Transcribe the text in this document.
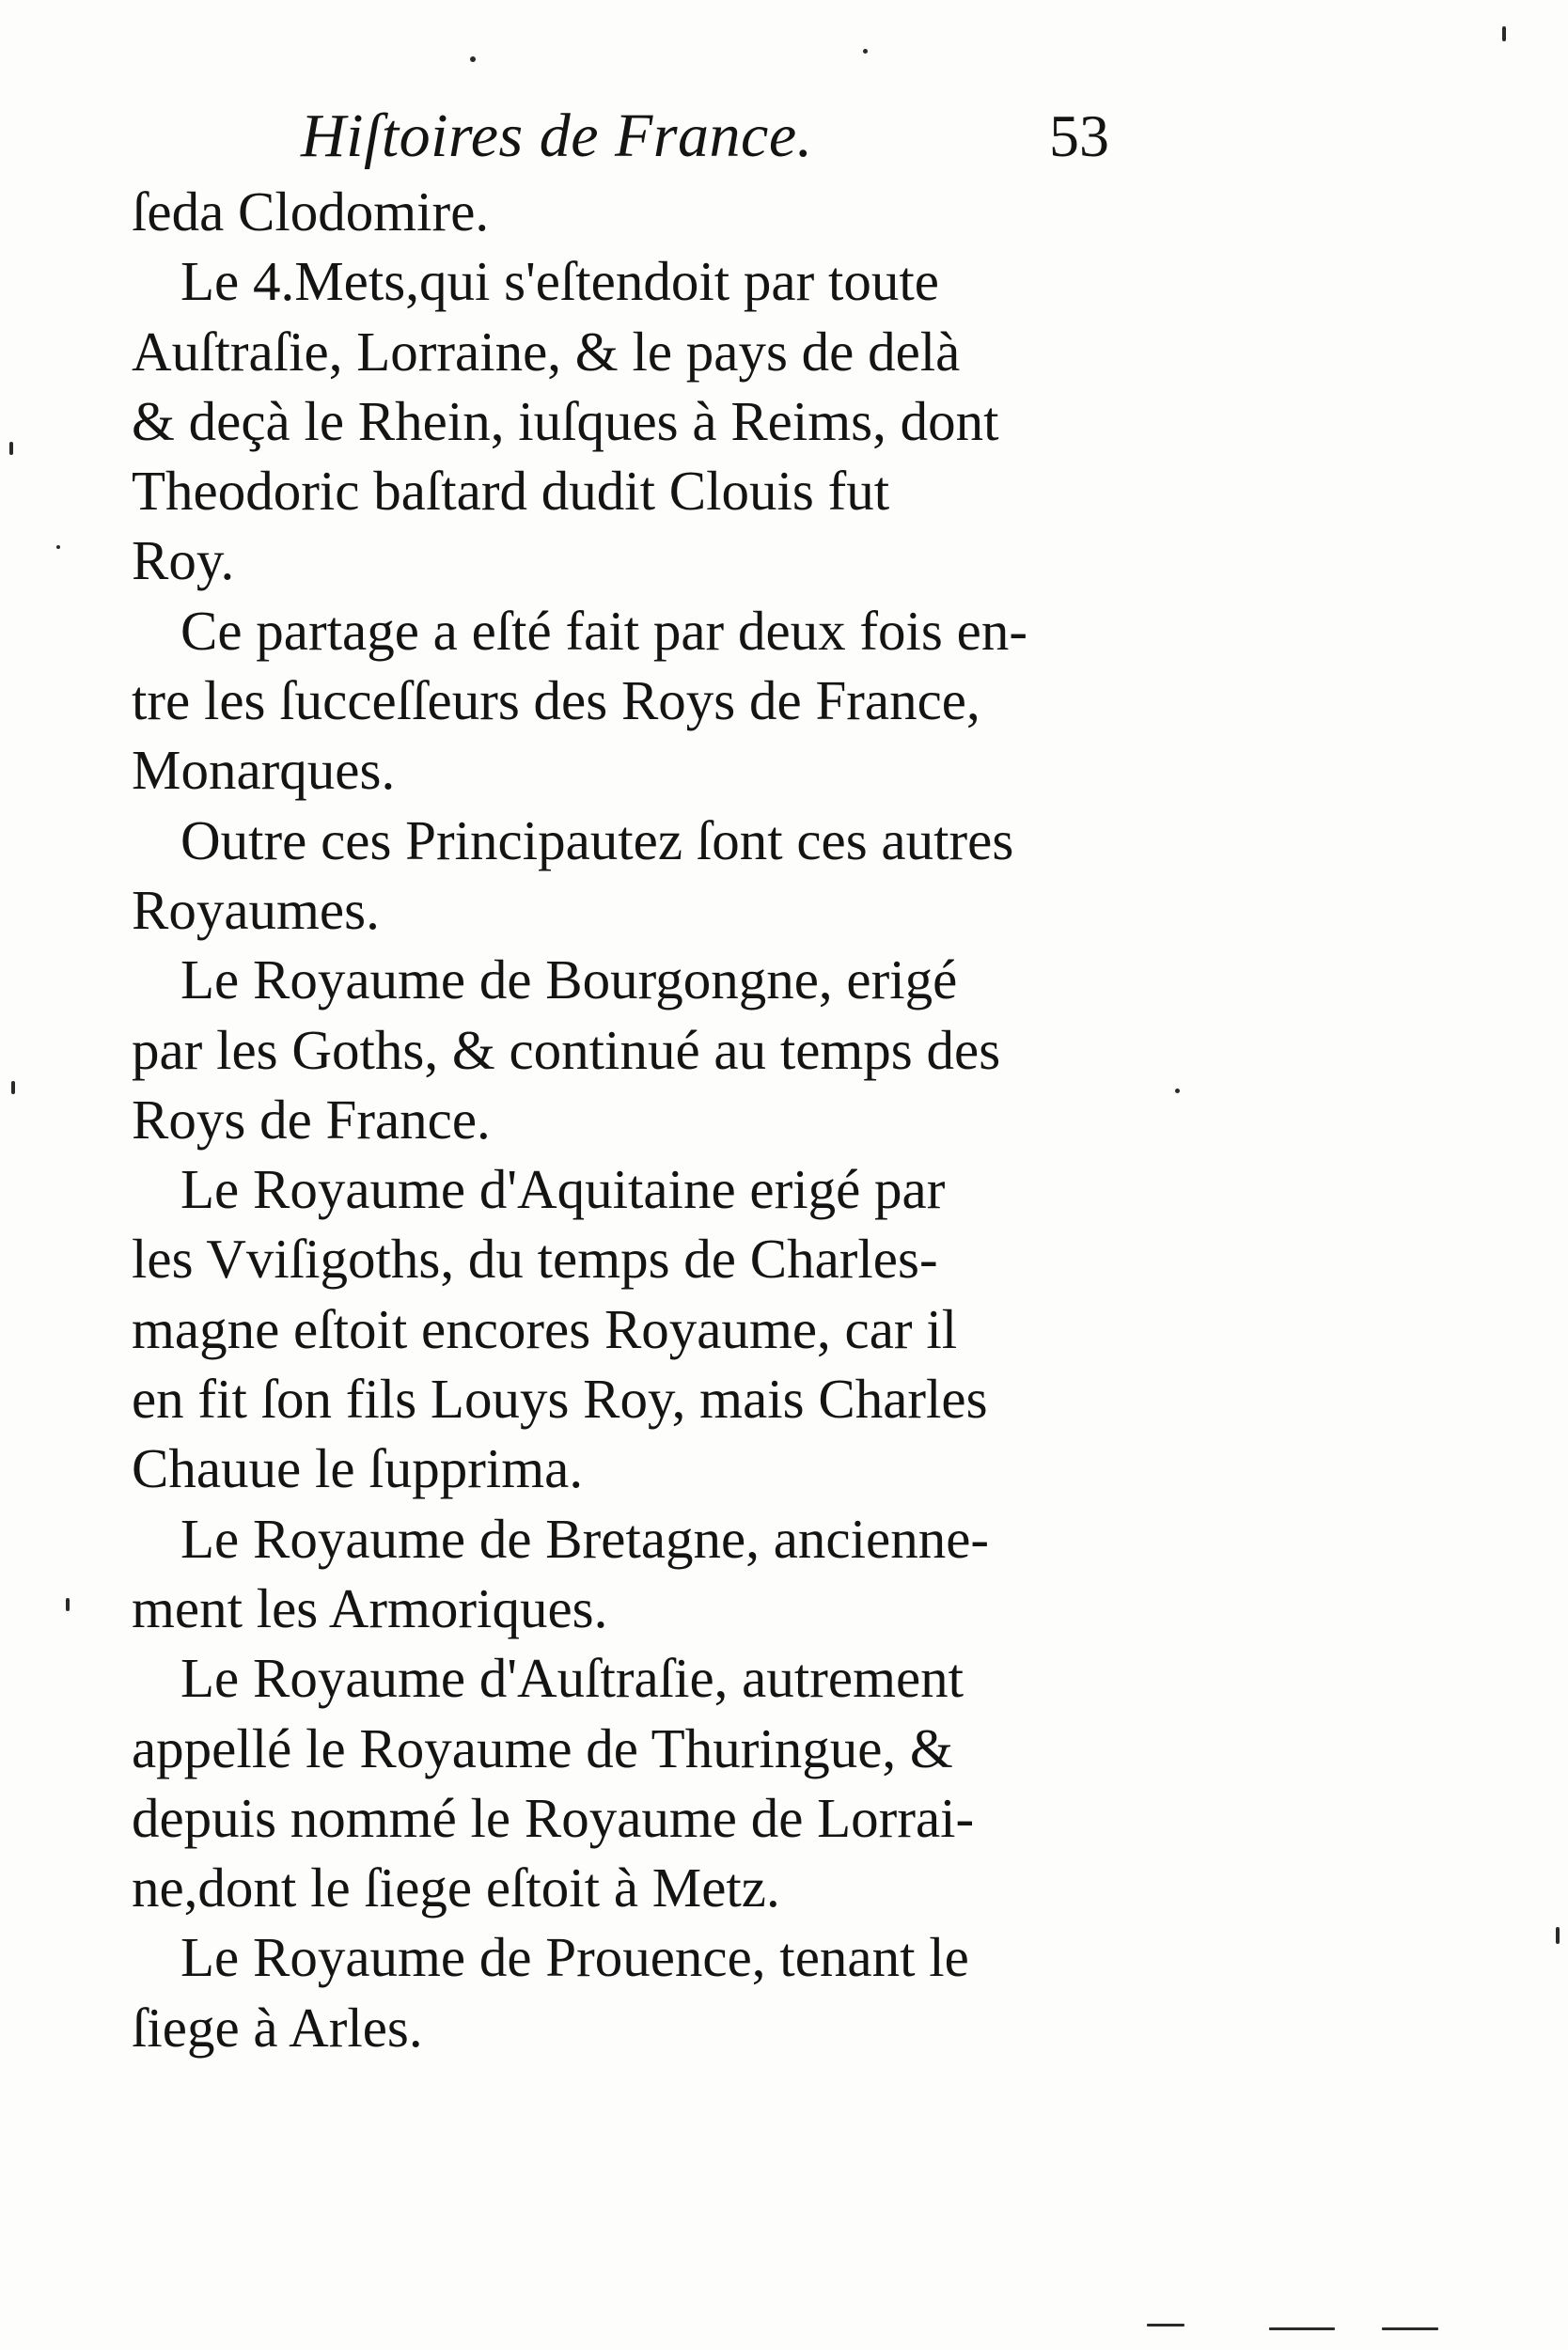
Hiſtoires de France.	53
ſeda Clodomire.
Le 4.Mets,qui s'eſtendoit par toute
Auſtraſie, Lorraine, & le pays de delà
& deçà le Rhein, iuſques à Reims, dont
Theodoric baſtard dudit Clouis fut
Roy.
Ce partage a eſté fait par deux fois en-
tre les ſucceſſeurs des Roys de France,
Monarques.
Outre ces Principautez ſont ces autres
Royaumes.
Le Royaume de Bourgongne, erigé
par les Goths, & continué au temps des
Roys de France.
Le Royaume d'Aquitaine erigé par
les Vviſigoths, du temps de Charles-
magne eſtoit encores Royaume, car il
en fit ſon fils Louys Roy, mais Charles
Chauue le ſupprima.
Le Royaume de Bretagne, ancienne-
ment les Armoriques.
Le Royaume d'Auſtraſie, autrement
appellé le Royaume de Thuringue, &
depuis nommé le Royaume de Lorrai-
ne,dont le ſiege eſtoit à Metz.
Le Royaume de Prouence, tenant le
ſiege à Arles.
